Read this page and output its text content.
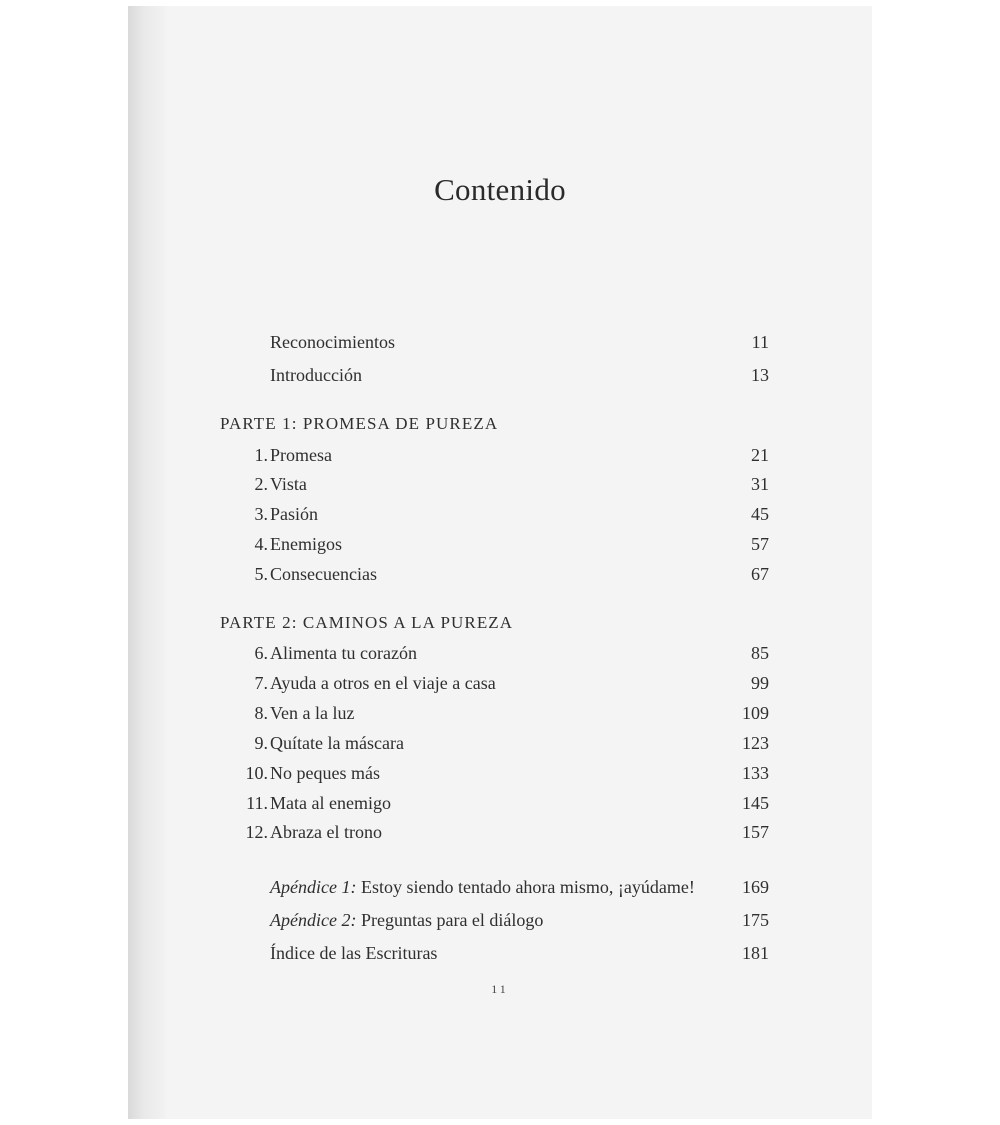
Contenido
Reconocimientos	11
Introducción	13
PARTE 1: PROMESA DE PUREZA
1. Promesa	21
2. Vista	31
3. Pasión	45
4. Enemigos	57
5. Consecuencias	67
PARTE 2: CAMINOS A LA PUREZA
6. Alimenta tu corazón	85
7. Ayuda a otros en el viaje a casa	99
8. Ven a la luz	109
9. Quítate la máscara	123
10. No peques más	133
11. Mata al enemigo	145
12. Abraza el trono	157
Apéndice 1: Estoy siendo tentado ahora mismo, ¡ayúdame!	169
Apéndice 2: Preguntas para el diálogo	175
Índice de las Escrituras	181
11
